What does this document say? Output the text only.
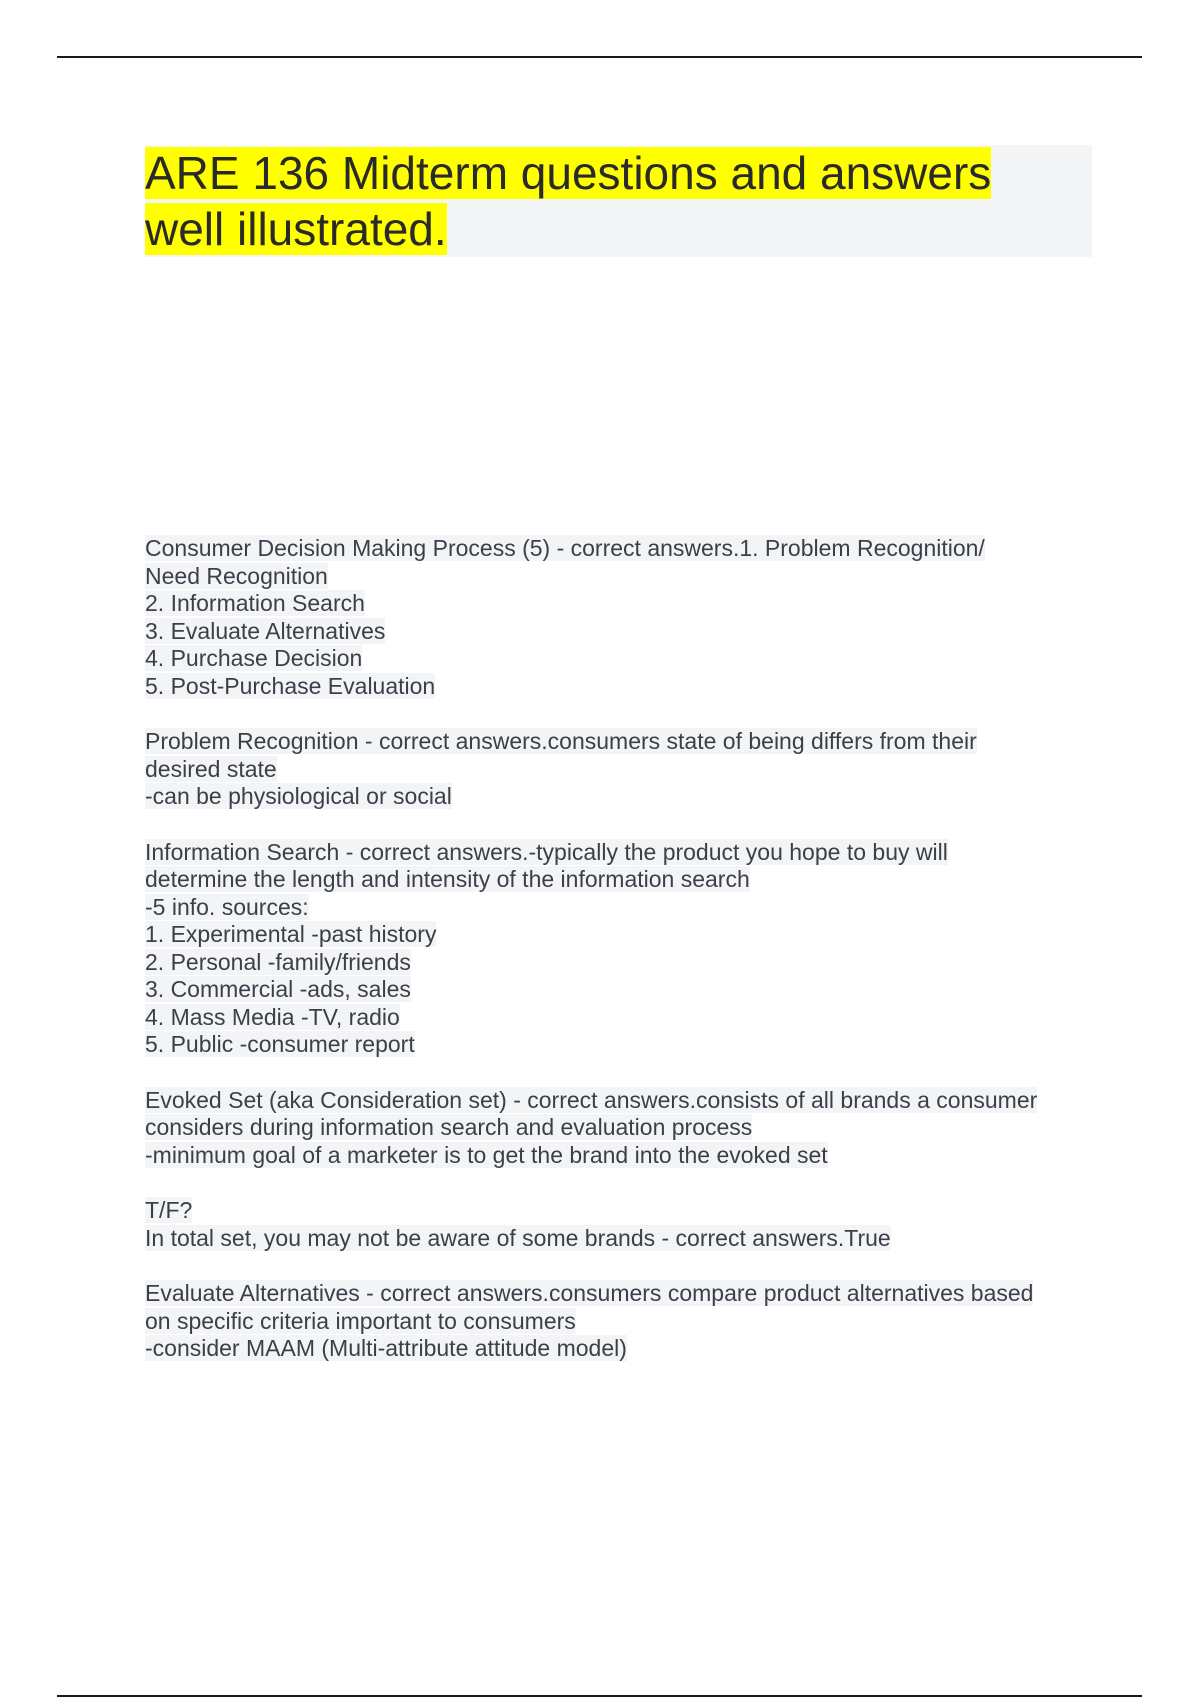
ARE 136 Midterm questions and answers
well illustrated.
Consumer Decision Making Process (5) - correct answers.1. Problem Recognition/
Need Recognition
2. Information Search
3. Evaluate Alternatives
4. Purchase Decision
5. Post-Purchase Evaluation
Problem Recognition - correct answers.consumers state of being differs from their
desired state
-can be physiological or social
Information Search - correct answers.-typically the product you hope to buy will
determine the length and intensity of the information search
-5 info. sources:
1. Experimental -past history
2. Personal -family/friends
3. Commercial -ads, sales
4. Mass Media -TV, radio
5. Public -consumer report
Evoked Set (aka Consideration set) - correct answers.consists of all brands a consumer
considers during information search and evaluation process
-minimum goal of a marketer is to get the brand into the evoked set
T/F?
In total set, you may not be aware of some brands - correct answers.True
Evaluate Alternatives - correct answers.consumers compare product alternatives based
on specific criteria important to consumers
-consider MAAM (Multi-attribute attitude model)
